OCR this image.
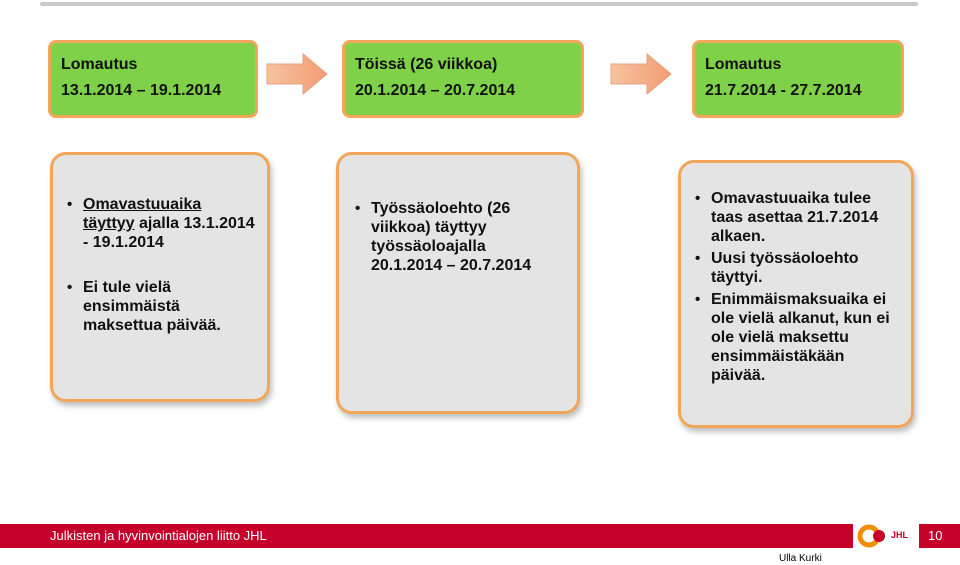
Lomautus
13.1.2014 – 19.1.2014
Töissä (26 viikkoa)
20.1.2014 – 20.7.2014
Lomautus
21.7.2014 - 27.7.2014
• Omavastuuaika täyttyy ajalla 13.1.2014 - 19.1.2014
• Ei tule vielä ensimmäistä maksettua päivää.
• Työssäoloehto (26 viikkoa) täyttyy työssäoloajalla 20.1.2014 – 20.7.2014
• Omavastuuaika tulee taas asettaa 21.7.2014 alkaen.
• Uusi työssäoloehto täyttyi.
• Enimmäismaksuaika ei ole vielä alkanut, kun ei ole vielä maksettu ensimmäistäkään päivää.
Julkisten ja hyvinvointialojen liitto JHL	JHL 10
Ulla Kurki
